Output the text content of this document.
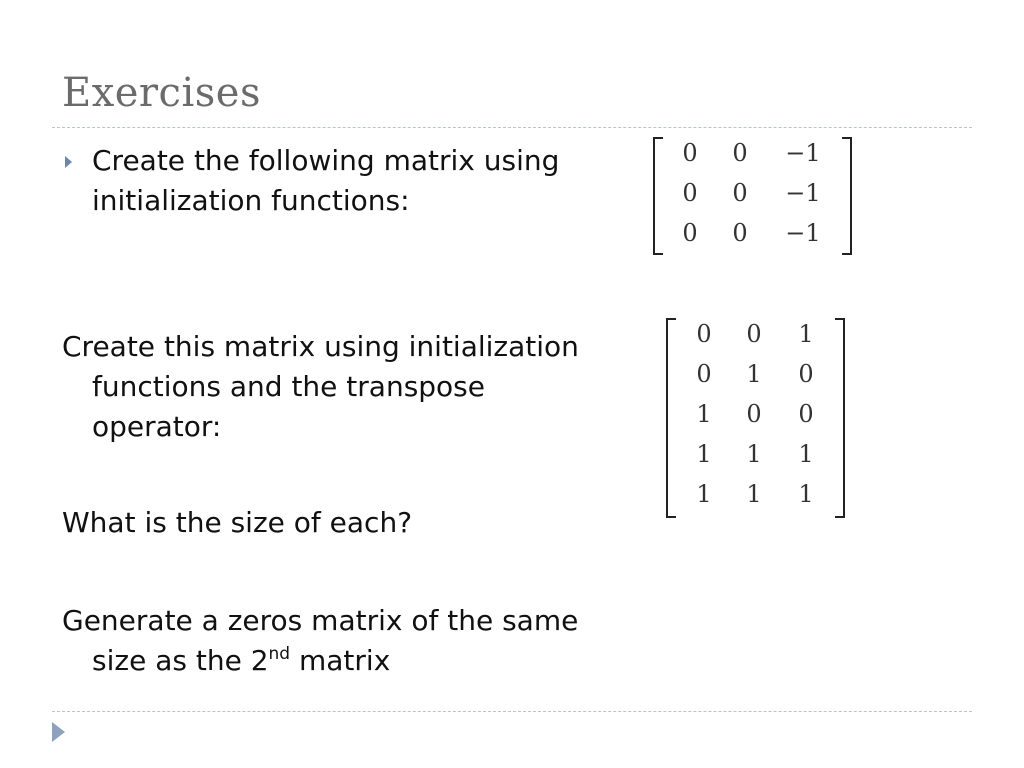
Exercises
Create the following matrix using
initialization functions:
0	0	−1
0	0	−1
0	0	−1
Create this matrix using initialization
functions and the transpose
operator:
0	0	1
0	1	0
1	0	0
1	1	1
1	1	1
What is the size of each?
Generate a zeros matrix of the same
size as the 2nd matrix
